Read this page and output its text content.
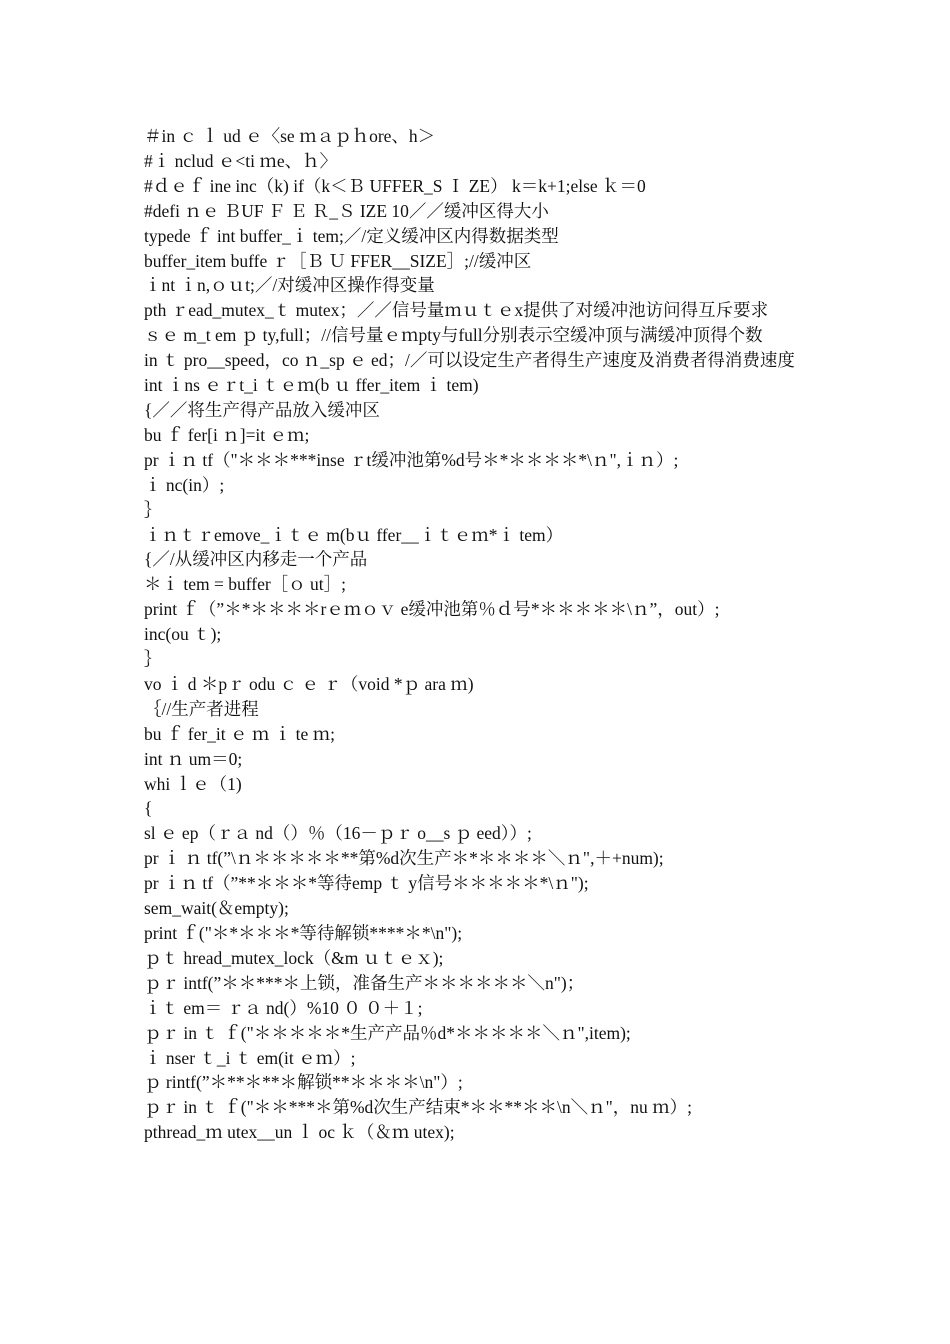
＃in ｃ ｌ ud ｅ〈se ｍａｐｈore、h＞

#ｉ nclud ｅ<ti ｍe、ｈ〉

#ｄｅｆ ine inc（k) if（k＜Ｂ UFFER_S Ｉ ZE） k＝k+1;else ｋ＝0

#defi ｎｅ ＢUF Ｆ Ｅ Ｒ_Ｓ IZE 10／／缓冲区得大小

typede ｆ int buffer_ｉ tem;／/定义缓冲区内得数据类型

buffer_item buffe ｒ［Ｂ Ｕ FFER__SIZE］;//缓冲区

ｉnt ｉn,ｏｕt;／/对缓冲区操作得变量

pth ｒead_mutex_ｔ mutex；／／信号量ｍｕｔｅx提供了对缓冲池访问得互斥要求

ｓｅ m_t em ｐ ty,full；//信号量ｅｍpty与full分别表示空缓冲顶与满缓冲顶得个数

in ｔ pro__speed，co ｎ_sp ｅ ed；/／可以设定生产者得生产速度及消费者得消费速度

int ｉns ｅｒt_i ｔｅｍ(b ｕ ffer_item ｉ tem)

{／／将生产得产品放入缓冲区

bu ｆ fer[i ｎ]=it ｅｍ;

pr ｉｎ tf（"＊＊＊***inse ｒt缓冲池第%d号＊*＊＊＊＊*\ｎ",ｉｎ）;

ｉ nc(in）;

｝

ｉｎｔｒemove_ｉｔｅ m(bｕ ffer__ｉｔｅｍ*ｉ tem）

{／/从缓冲区内移走一个产品

＊ｉ tem = buffer［ｏ ut］;

print ｆ（”＊*＊＊＊＊rｅｍｏｖ e缓冲池第％ｄ号*＊＊＊＊＊\ｎ”，out）;

inc(ou ｔ);

｝

vo ｉ d ＊pｒ odu ｃ ｅ ｒ（void *ｐ ara ｍ)

｛//生产者进程

bu ｆ fer_it ｅ ｍ ｉ te ｍ;

int ｎ um＝0;

whi ｌｅ（1)

{

sl ｅ ep（ｒａ nd（）％（16－ｐｒ o__s ｐ eed））;

pr ｉ ｎ tf(”\ｎ＊＊＊＊＊**第%d次生产＊*＊＊＊＊＼ｎ",＋+num);

pr ｉｎ tf（”**＊＊＊*等待emp ｔ y信号＊＊＊＊＊*\ｎ");

sem_wait(＆empty);

print ｆ("＊*＊＊＊*等待解锁****＊*\n");

ｐｔ hread_mutex_lock（&m ｕｔｅｘ);

ｐｒ intf(”＊＊***＊上锁，准备生产＊＊＊＊＊＊＼n")；

ｉｔ em＝ ｒａ nd(）%10 ０ ０＋１;

ｐｒ in ｔ ｆ("＊＊＊＊＊*生产产品％d*＊＊＊＊＊＼ｎ",item);

ｉ nser ｔ_i ｔ em(it ｅｍ）;

ｐ rintf(”＊**＊**＊解锁**＊＊＊＊\n"）;

ｐｒ in ｔ ｆ("＊＊***＊第%d次生产结束*＊＊**＊＊\n＼ｎ"，nu ｍ）;

pthread_ｍ utex__un ｌ oc ｋ（＆ｍ utex);
